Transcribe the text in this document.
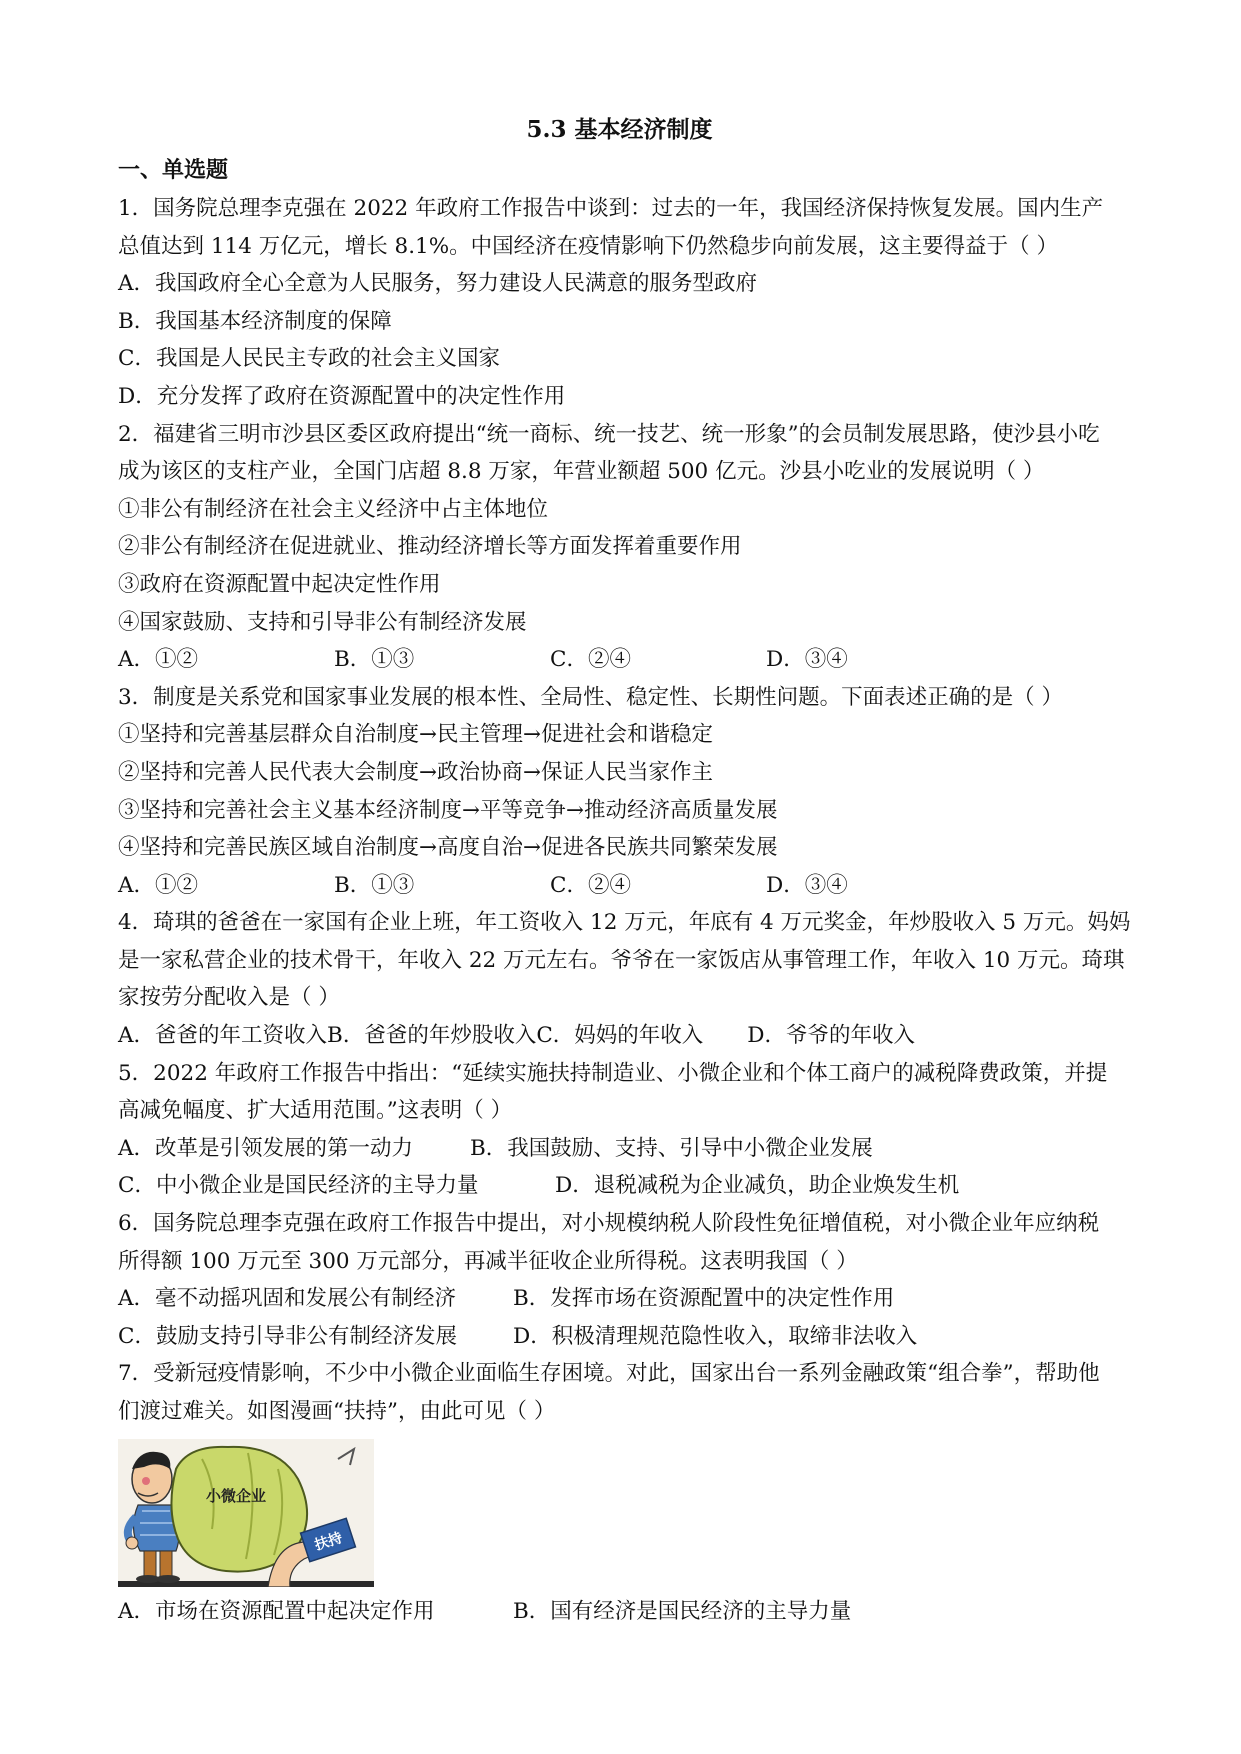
5.3 基本经济制度
一、单选题
1．国务院总理李克强在 2022 年政府工作报告中谈到：过去的一年，我国经济保持恢复发展。国内生产
总值达到 114 万亿元，增长 8.1%。中国经济在疫情影响下仍然稳步向前发展，这主要得益于（ ）
A．我国政府全心全意为人民服务，努力建设人民满意的服务型政府
B．我国基本经济制度的保障
C．我国是人民民主专政的社会主义国家
D．充分发挥了政府在资源配置中的决定性作用
2．福建省三明市沙县区委区政府提出“统一商标、统一技艺、统一形象”的会员制发展思路，使沙县小吃
成为该区的支柱产业，全国门店超 8.8 万家，年营业额超 500 亿元。沙县小吃业的发展说明（ ）
①非公有制经济在社会主义经济中占主体地位
②非公有制经济在促进就业、推动经济增长等方面发挥着重要作用
③政府在资源配置中起决定性作用
④国家鼓励、支持和引导非公有制经济发展
A．①②	B．①③	C．②④	D．③④
3．制度是关系党和国家事业发展的根本性、全局性、稳定性、长期性问题。下面表述正确的是（ ）
①坚持和完善基层群众自治制度→民主管理→促进社会和谐稳定
②坚持和完善人民代表大会制度→政治协商→保证人民当家作主
③坚持和完善社会主义基本经济制度→平等竞争→推动经济高质量发展
④坚持和完善民族区域自治制度→高度自治→促进各民族共同繁荣发展
A．①②	B．①③	C．②④	D．③④
4．琦琪的爸爸在一家国有企业上班，年工资收入 12 万元，年底有 4 万元奖金，年炒股收入 5 万元。妈妈
是一家私营企业的技术骨干，年收入 22 万元左右。爷爷在一家饭店从事管理工作，年收入 10 万元。琦琪
家按劳分配收入是（ ）
A．爸爸的年工资收入B．爸爸的年炒股收入C．妈妈的年收入 D．爷爷的年收入
5．2022 年政府工作报告中指出：“延续实施扶持制造业、小微企业和个体工商户的减税降费政策，并提
高减免幅度、扩大适用范围。”这表明（ ）
A．改革是引领发展的第一动力	B．我国鼓励、支持、引导中小微企业发展
C．中小微企业是国民经济的主导力量	D．退税减税为企业减负，助企业焕发生机
6．国务院总理李克强在政府工作报告中提出，对小规模纳税人阶段性免征增值税，对小微企业年应纳税
所得额 100 万元至 300 万元部分，再减半征收企业所得税。这表明我国（ ）
A．毫不动摇巩固和发展公有制经济	B．发挥市场在资源配置中的决定性作用
C．鼓励支持引导非公有制经济发展	D．积极清理规范隐性收入，取缔非法收入
7．受新冠疫情影响，不少中小微企业面临生存困境。对此，国家出台一系列金融政策“组合拳”，帮助他
们渡过难关。如图漫画“扶持”，由此可见（ ）
小微企业
扶持
A．市场在资源配置中起决定作用	B．国有经济是国民经济的主导力量
